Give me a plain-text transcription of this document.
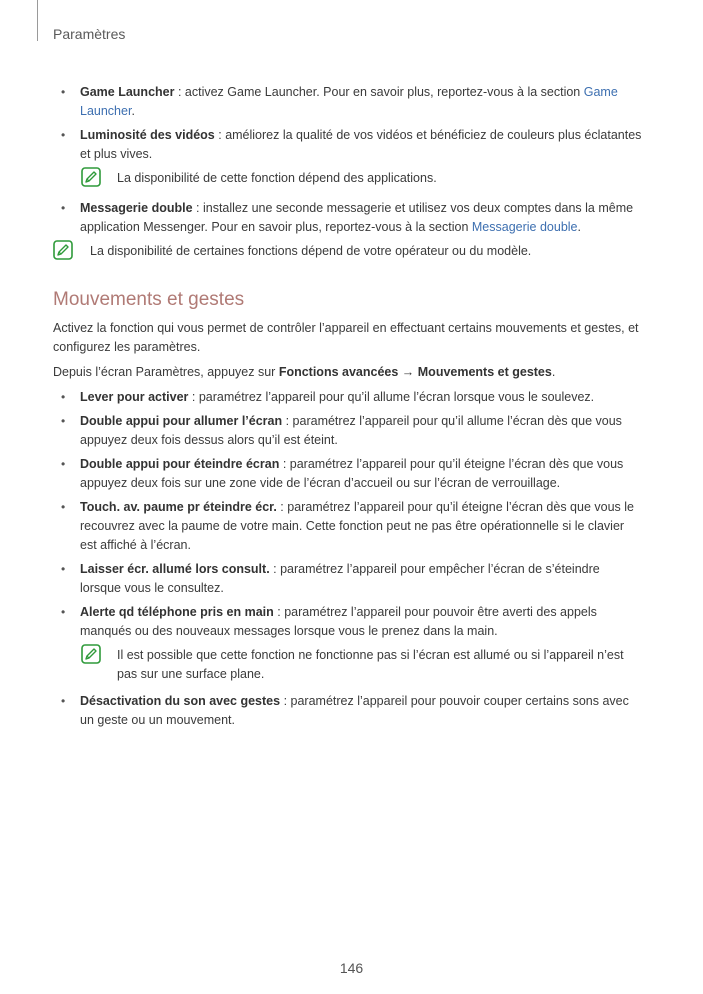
Paramètres
• Game Launcher : activez Game Launcher. Pour en savoir plus, reportez-vous à la section Game Launcher.
• Luminosité des vidéos : améliorez la qualité de vos vidéos et bénéficiez de couleurs plus éclatantes et plus vives.
La disponibilité de cette fonction dépend des applications.
• Messagerie double : installez une seconde messagerie et utilisez vos deux comptes dans la même application Messenger. Pour en savoir plus, reportez-vous à la section Messagerie double.
La disponibilité de certaines fonctions dépend de votre opérateur ou du modèle.
Mouvements et gestes
Activez la fonction qui vous permet de contrôler l’appareil en effectuant certains mouvements et gestes, et configurez les paramètres.
Depuis l’écran Paramètres, appuyez sur Fonctions avancées → Mouvements et gestes.
• Lever pour activer : paramétrez l’appareil pour qu’il allume l’écran lorsque vous le soulevez.
• Double appui pour allumer l’écran : paramétrez l’appareil pour qu’il allume l’écran dès que vous appuyez deux fois dessus alors qu’il est éteint.
• Double appui pour éteindre écran : paramétrez l’appareil pour qu’il éteigne l’écran dès que vous appuyez deux fois sur une zone vide de l’écran d’accueil ou sur l’écran de verrouillage.
• Touch. av. paume pr éteindre écr. : paramétrez l’appareil pour qu’il éteigne l’écran dès que vous le recouvrez avec la paume de votre main. Cette fonction peut ne pas être opérationnelle si le clavier est affiché à l’écran.
• Laisser écr. allumé lors consult. : paramétrez l’appareil pour empêcher l’écran de s’éteindre lorsque vous le consultez.
• Alerte qd téléphone pris en main : paramétrez l’appareil pour pouvoir être averti des appels manqués ou des nouveaux messages lorsque vous le prenez dans la main.
Il est possible que cette fonction ne fonctionne pas si l’écran est allumé ou si l’appareil n’est pas sur une surface plane.
• Désactivation du son avec gestes : paramétrez l’appareil pour pouvoir couper certains sons avec un geste ou un mouvement.
146
